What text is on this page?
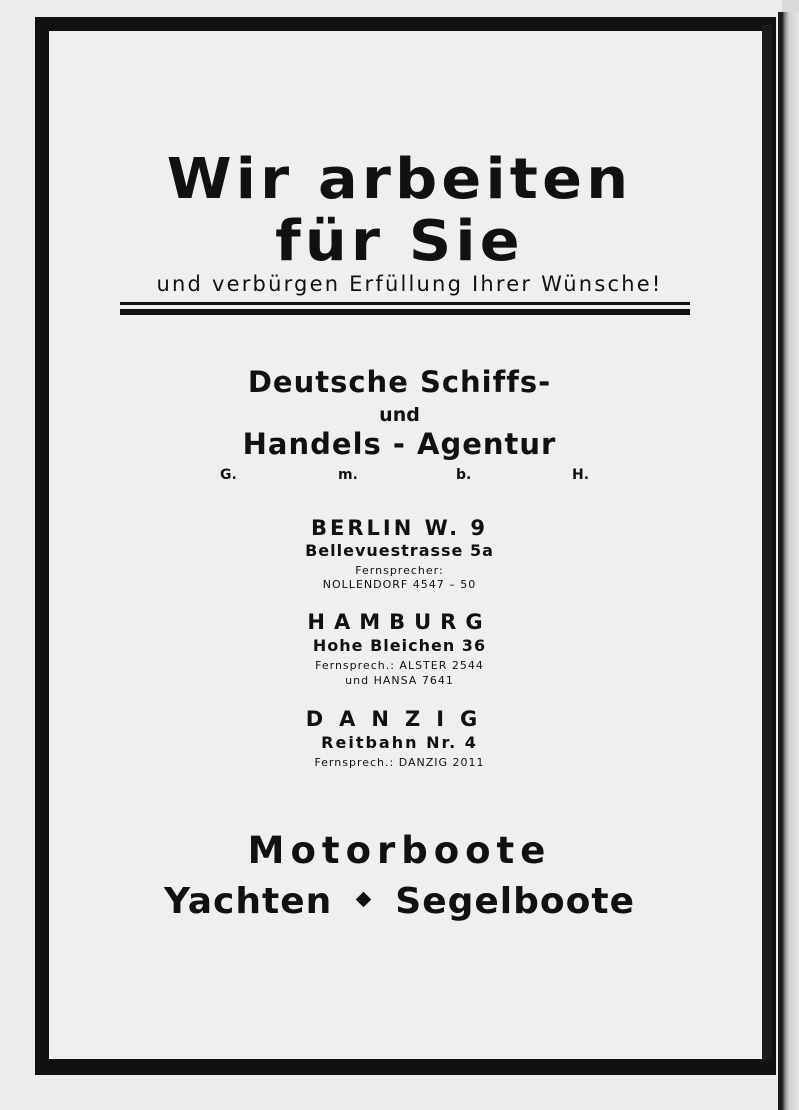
Wir arbeiten
für Sie
und verbürgen Erfüllung Ihrer Wünsche!
Deutsche Schiffs-
und
Handels - Agentur
G.	m.	b.	H.
BERLIN W. 9
Bellevuestrasse 5a
Fernsprecher:
NOLLENDORF 4547 – 50
HAMBURG
Hohe Bleichen 36
Fernsprech.: ALSTER 2544
und HANSA 7641
DANZIG
Reitbahn Nr. 4
Fernsprech.: DANZIG 2011
Motorboote
Yachten Segelboote
